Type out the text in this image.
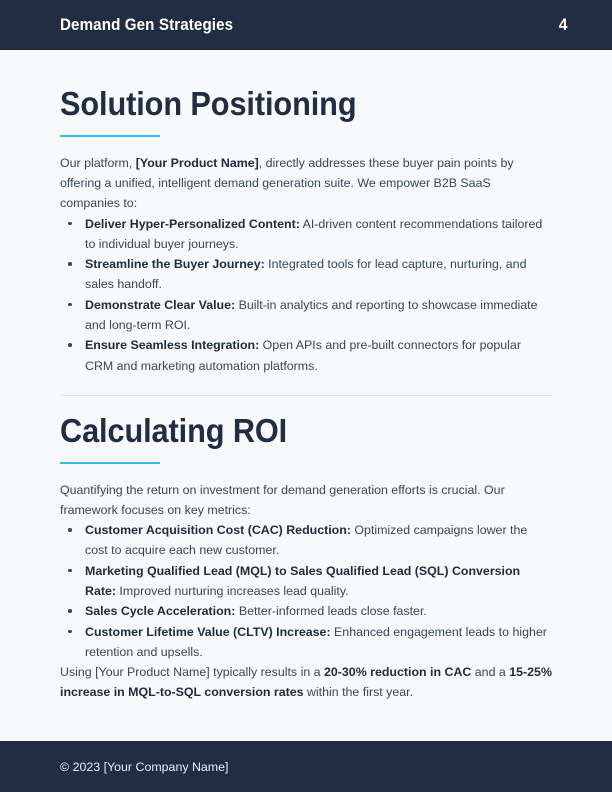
Demand Gen Strategies	4
Solution Positioning

Our platform, [Your Product Name], directly addresses these buyer pain points by offering a unified, intelligent demand generation suite. We empower B2B SaaS companies to:

Deliver Hyper-Personalized Content: AI-driven content recommendations tailored to individual buyer journeys.
Streamline the Buyer Journey: Integrated tools for lead capture, nurturing, and sales handoff.
Demonstrate Clear Value: Built-in analytics and reporting to showcase immediate and long-term ROI.
Ensure Seamless Integration: Open APIs and pre-built connectors for popular CRM and marketing automation platforms.
Calculating ROI

Quantifying the return on investment for demand generation efforts is crucial. Our framework focuses on key metrics:

Customer Acquisition Cost (CAC) Reduction: Optimized campaigns lower the cost to acquire each new customer.
Marketing Qualified Lead (MQL) to Sales Qualified Lead (SQL) Conversion Rate: Improved nurturing increases lead quality.
Sales Cycle Acceleration: Better-informed leads close faster.
Customer Lifetime Value (CLTV) Increase: Enhanced engagement leads to higher retention and upsells.

Using [Your Product Name] typically results in a 20-30% reduction in CAC and a 15-25% increase in MQL-to-SQL conversion rates within the first year.

© 2023 [Your Company Name]
